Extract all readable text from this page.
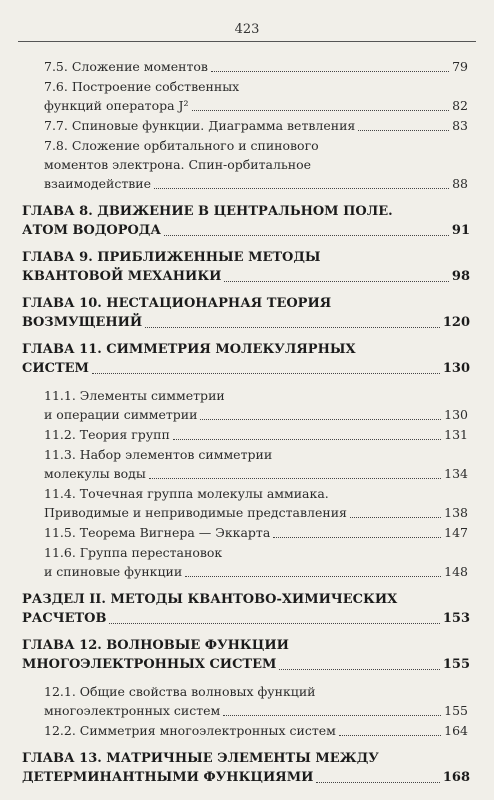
423
7.5. Сложение моментов	79
7.6. Построение собственных
функций оператора J²	82
7.7. Спиновые функции. Диаграмма ветвления	83
7.8. Сложение орбитального и спинового
моментов электрона. Спин-орбитальное
взаимодействие	88
ГЛАВА 8. ДВИЖЕНИЕ В ЦЕНТРАЛЬНОМ ПОЛЕ.
АТОМ ВОДОРОДА	91
ГЛАВА 9. ПРИБЛИЖЕННЫЕ МЕТОДЫ
КВАНТОВОЙ МЕХАНИКИ	98
ГЛАВА 10. НЕСТАЦИОНАРНАЯ ТЕОРИЯ
ВОЗМУЩЕНИЙ	120
ГЛАВА 11. СИММЕТРИЯ МОЛЕКУЛЯРНЫХ
СИСТЕМ	130
11.1. Элементы симметрии
и операции симметрии	130
11.2. Теория групп	131
11.3. Набор элементов симметрии
молекулы воды	134
11.4. Точечная группа молекулы аммиака.
Приводимые и неприводимые представления	138
11.5. Теорема Вигнера — Эккарта	147
11.6. Группа перестановок
и спиновые функции	148
РАЗДЕЛ II. МЕТОДЫ КВАНТОВО-ХИМИЧЕСКИХ
РАСЧЕТОВ	153
ГЛАВА 12. ВОЛНОВЫЕ ФУНКЦИИ
МНОГОЭЛЕКТРОННЫХ СИСТЕМ	155
12.1. Общие свойства волновых функций
многоэлектронных систем	155
12.2. Симметрия многоэлектронных систем	164
ГЛАВА 13. МАТРИЧНЫЕ ЭЛЕМЕНТЫ МЕЖДУ
ДЕТЕРМИНАНТНЫМИ ФУНКЦИЯМИ	168
